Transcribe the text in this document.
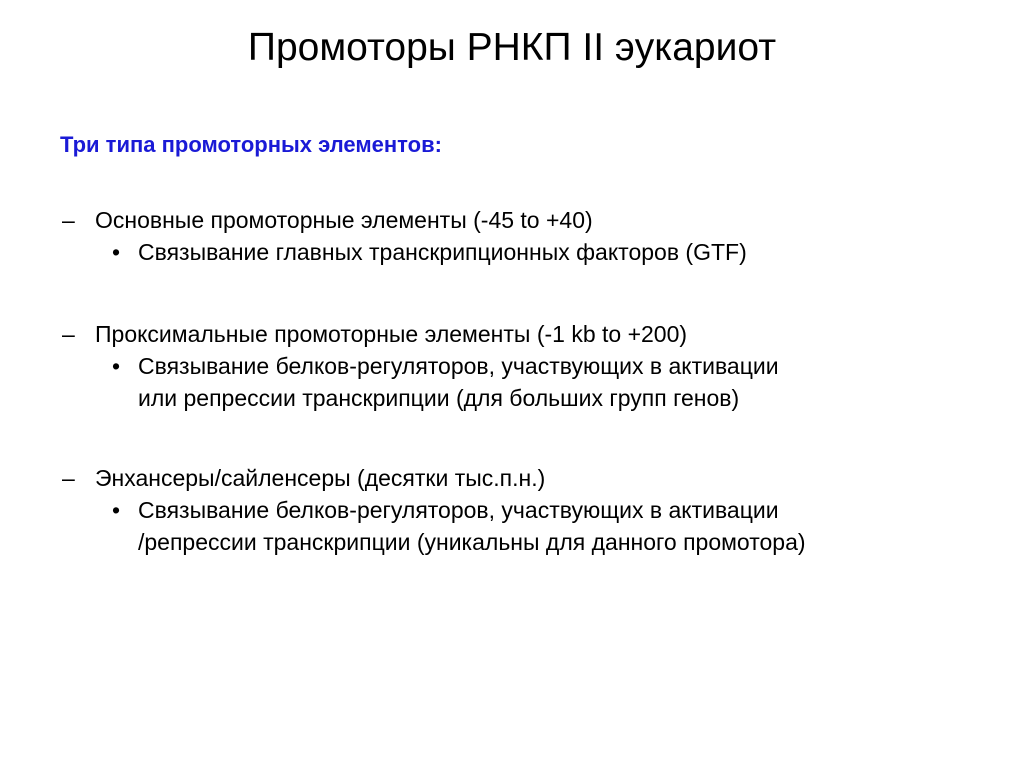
Промоторы РНКП II эукариот
Три типа промоторных элементов:
– Основные промоторные элементы (-45 to +40)
• Связывание главных транскрипционных факторов (GTF)
– Проксимальные промоторные элементы (-1 kb to +200)
• Связывание белков-регуляторов, участвующих в активации
или репрессии транскрипции (для больших групп генов)
– Энхансеры/сайленсеры (десятки тыс.п.н.)
• Связывание белков-регуляторов, участвующих в активации
/репрессии транскрипции (уникальны для данного промотора)
